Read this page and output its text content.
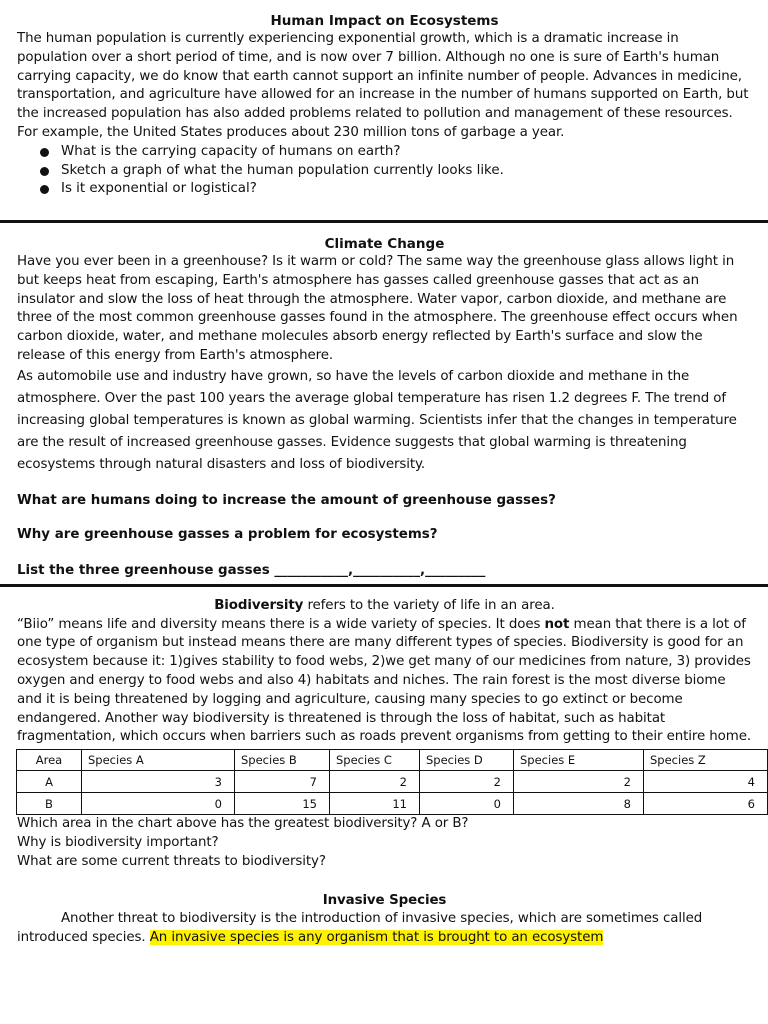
Human Impact on Ecosystems

The human population is currently experiencing exponential growth, which is a dramatic increase in population over a short period of time, and is now over 7 billion. Although no one is sure of Earth's human carrying capacity, we do know that earth cannot support an infinite number of people. Advances in medicine, transportation, and agriculture have allowed for an increase in the number of humans supported on Earth, but the increased population has also added problems related to pollution and management of these resources. For example, the United States produces about 230 million tons of garbage a year.

What is the carrying capacity of humans on earth?
Sketch a graph of what the human population currently looks like.
Is it exponential or logistical?

Climate Change

Have you ever been in a greenhouse? Is it warm or cold? The same way the greenhouse glass allows light in but keeps heat from escaping, Earth's atmosphere has gasses called greenhouse gasses that act as an insulator and slow the loss of heat through the atmosphere. Water vapor, carbon dioxide, and methane are three of the most common greenhouse gasses found in the atmosphere. The greenhouse effect occurs when carbon dioxide, water, and methane molecules absorb energy reflected by Earth's surface and slow the release of this energy from Earth's atmosphere.

As automobile use and industry have grown, so have the levels of carbon dioxide and methane in the atmosphere. Over the past 100 years the average global temperature has risen 1.2 degrees F. The trend of increasing global temperatures is known as global warming. Scientists infer that the changes in temperature are the result of increased greenhouse gasses. Evidence suggests that global warming is threatening ecosystems through natural disasters and loss of biodiversity.

What are humans doing to increase the amount of greenhouse gasses?

Why are greenhouse gasses a problem for ecosystems?

List the three greenhouse gasses ___________,__________,_________

Biodiversity refers to the variety of life in an area.

“Biio” means life and diversity means there is a wide variety of species. It does not mean that there is a lot of one type of organism but instead means there are many different types of species. Biodiversity is good for an ecosystem because it: 1)gives stability to food webs, 2)we get many of our medicines from nature, 3) provides oxygen and energy to food webs and also 4) habitats and niches. The rain forest is the most diverse biome and it is being threatened by logging and agriculture, causing many species to go extinct or become endangered. Another way biodiversity is threatened is through the loss of habitat, such as habitat fragmentation, which occurs when barriers such as roads prevent organisms from getting to their entire home.

Area	Species A	Species B	Species C	Species D	Species E	Species Z
A	3	7	2	2	2	4
B	0	15	11	0	8	6

Which area in the chart above has the greatest biodiversity? A or B?

Why is biodiversity important?

What are some current threats to biodiversity?

Invasive Species

Another threat to biodiversity is the introduction of invasive species, which are sometimes called introduced species. An invasive species is any organism that is brought to an ecosystem
